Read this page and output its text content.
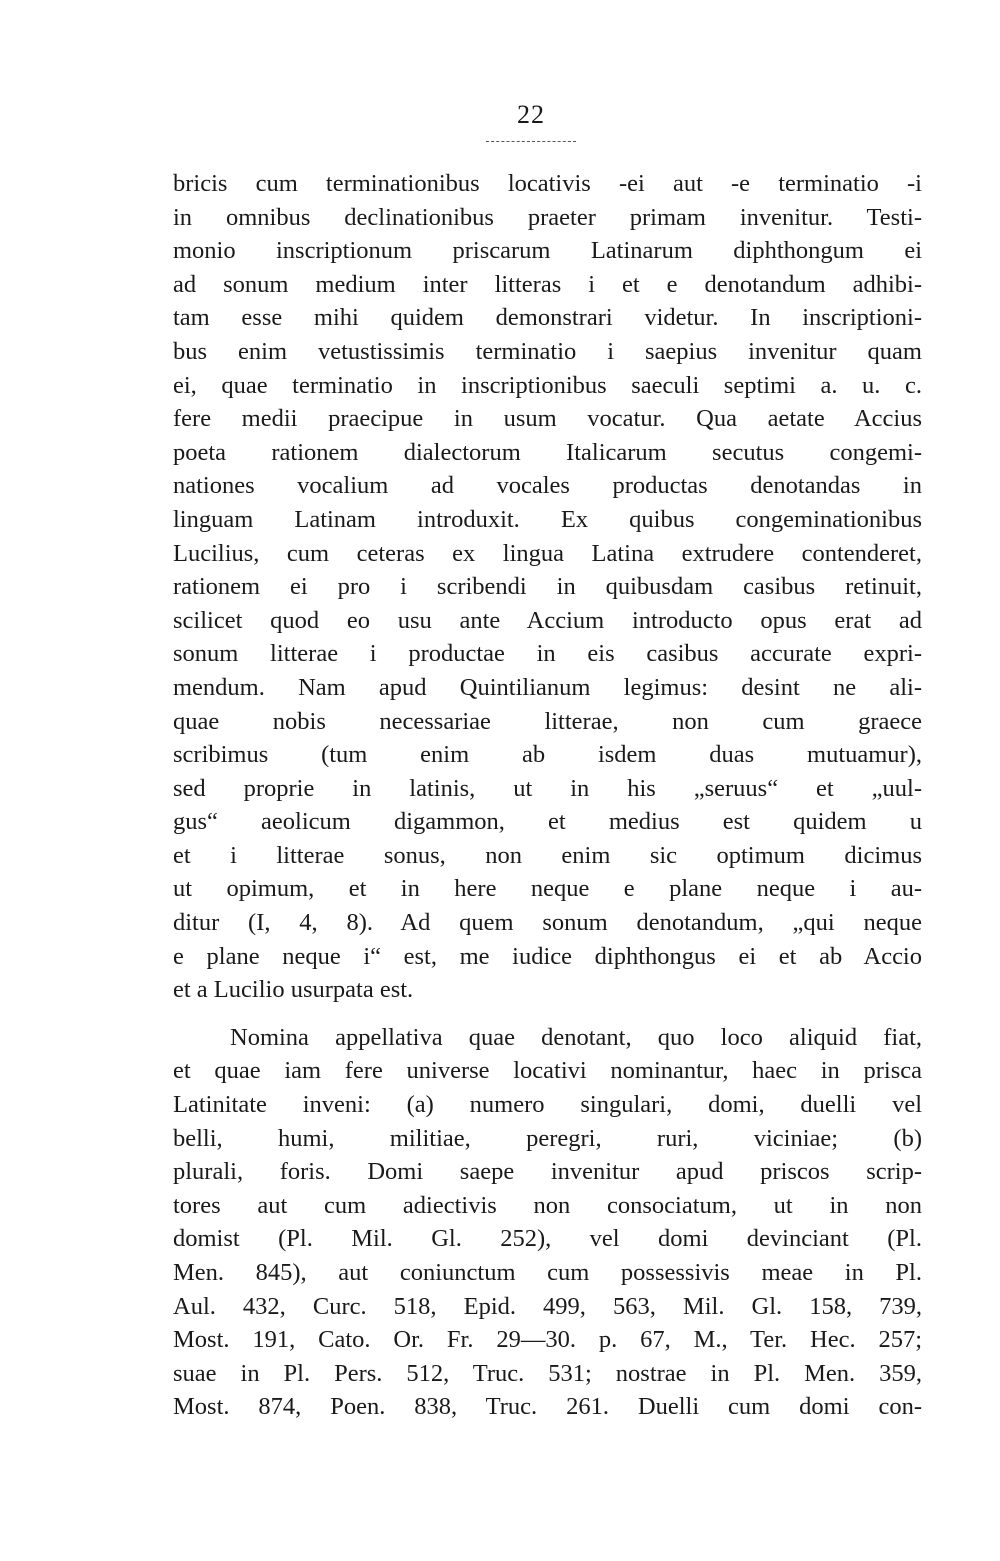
22
bricis cum terminationibus locativis -ei aut -e terminatio -i
in omnibus declinationibus praeter primam invenitur. Testi-
monio inscriptionum priscarum Latinarum diphthongum ei
ad sonum medium inter litteras i et e denotandum adhibi-
tam esse mihi quidem demonstrari videtur. In inscriptioni-
bus enim vetustissimis terminatio i saepius invenitur quam
ei, quae terminatio in inscriptionibus saeculi septimi a. u. c.
fere medii praecipue in usum vocatur. Qua aetate Accius
poeta rationem dialectorum Italicarum secutus congemi-
nationes vocalium ad vocales productas denotandas in
linguam Latinam introduxit. Ex quibus congeminationibus
Lucilius, cum ceteras ex lingua Latina extrudere contenderet,
rationem ei pro i scribendi in quibusdam casibus retinuit,
scilicet quod eo usu ante Accium introducto opus erat ad
sonum litterae i productae in eis casibus accurate expri-
mendum. Nam apud Quintilianum legimus: desint ne ali-
quae nobis necessariae litterae, non cum graece
scribimus (tum enim ab isdem duas mutuamur),
sed proprie in latinis, ut in his „seruus“ et „uul-
gus“ aeolicum digammon, et medius est quidem u
et i litterae sonus, non enim sic optimum dicimus
ut opimum, et in here neque e plane neque i au-
ditur (I, 4, 8). Ad quem sonum denotandum, „qui neque
e plane neque i“ est, me iudice diphthongus ei et ab Accio
et a Lucilio usurpata est.
Nomina appellativa quae denotant, quo loco aliquid fiat,
et quae iam fere universe locativi nominantur, haec in prisca
Latinitate inveni: (a) numero singulari, domi, duelli vel
belli, humi, militiae, peregri, ruri, viciniae; (b)
plurali, foris. Domi saepe invenitur apud priscos scrip-
tores aut cum adiectivis non consociatum, ut in non
domist (Pl. Mil. Gl. 252), vel domi devinciant (Pl.
Men. 845), aut coniunctum cum possessivis meae in Pl.
Aul. 432, Curc. 518, Epid. 499, 563, Mil. Gl. 158, 739,
Most. 191, Cato. Or. Fr. 29—30. p. 67, M., Ter. Hec. 257;
suae in Pl. Pers. 512, Truc. 531; nostrae in Pl. Men. 359,
Most. 874, Poen. 838, Truc. 261. Duelli cum domi con-
